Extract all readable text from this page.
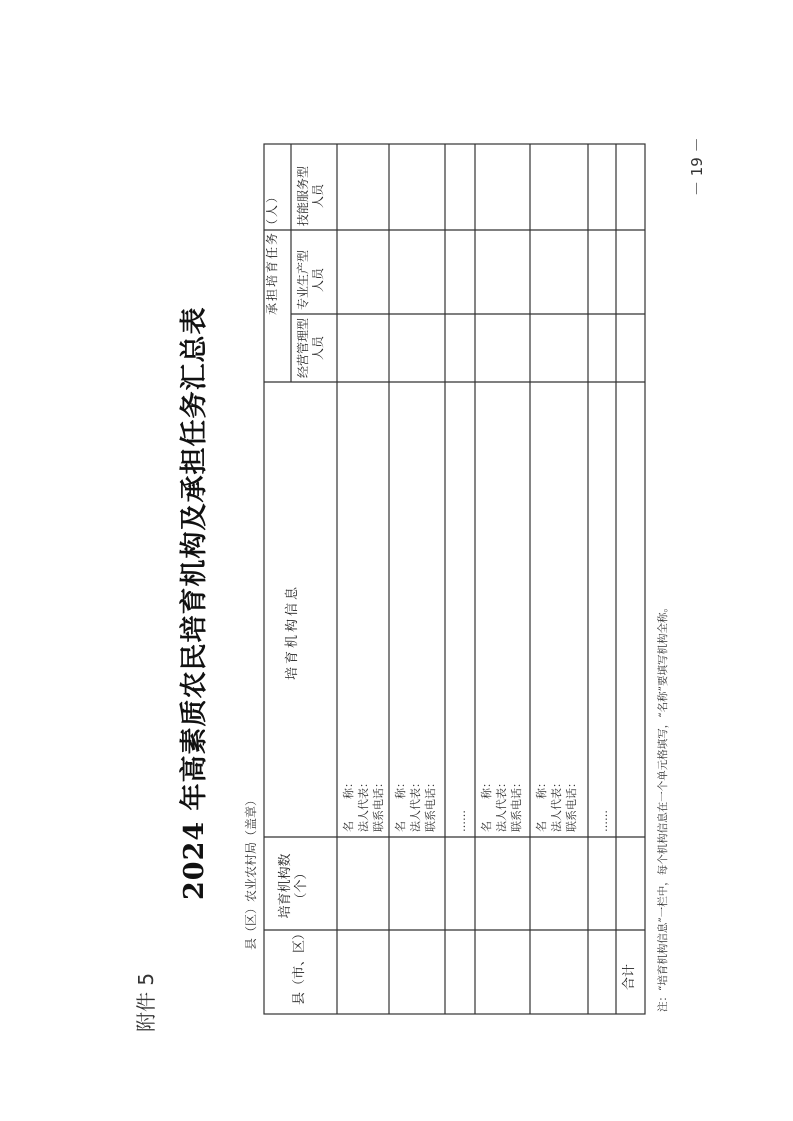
附件 5
2024 年高素质农民培育机构及承担任务汇总表	县（区）农业农村局（盖章）	注：“培育机构信息”一栏中，每个机构信息在一个单元格填写，“名称”要填写机构全称。
－ 19 －
县（市、区）
培育机构数（个）
培育机构信息
承担培育任务（人）
经营管理型人员
专业生产型人员
技能服务型人员
名　　称： 法人代表： 联系电话： 名　　称： 法人代表： 联系电话： …… 名　　称： 法人代表： 联系电话： 名　　称： 法人代表： 联系电话： ……
合计
